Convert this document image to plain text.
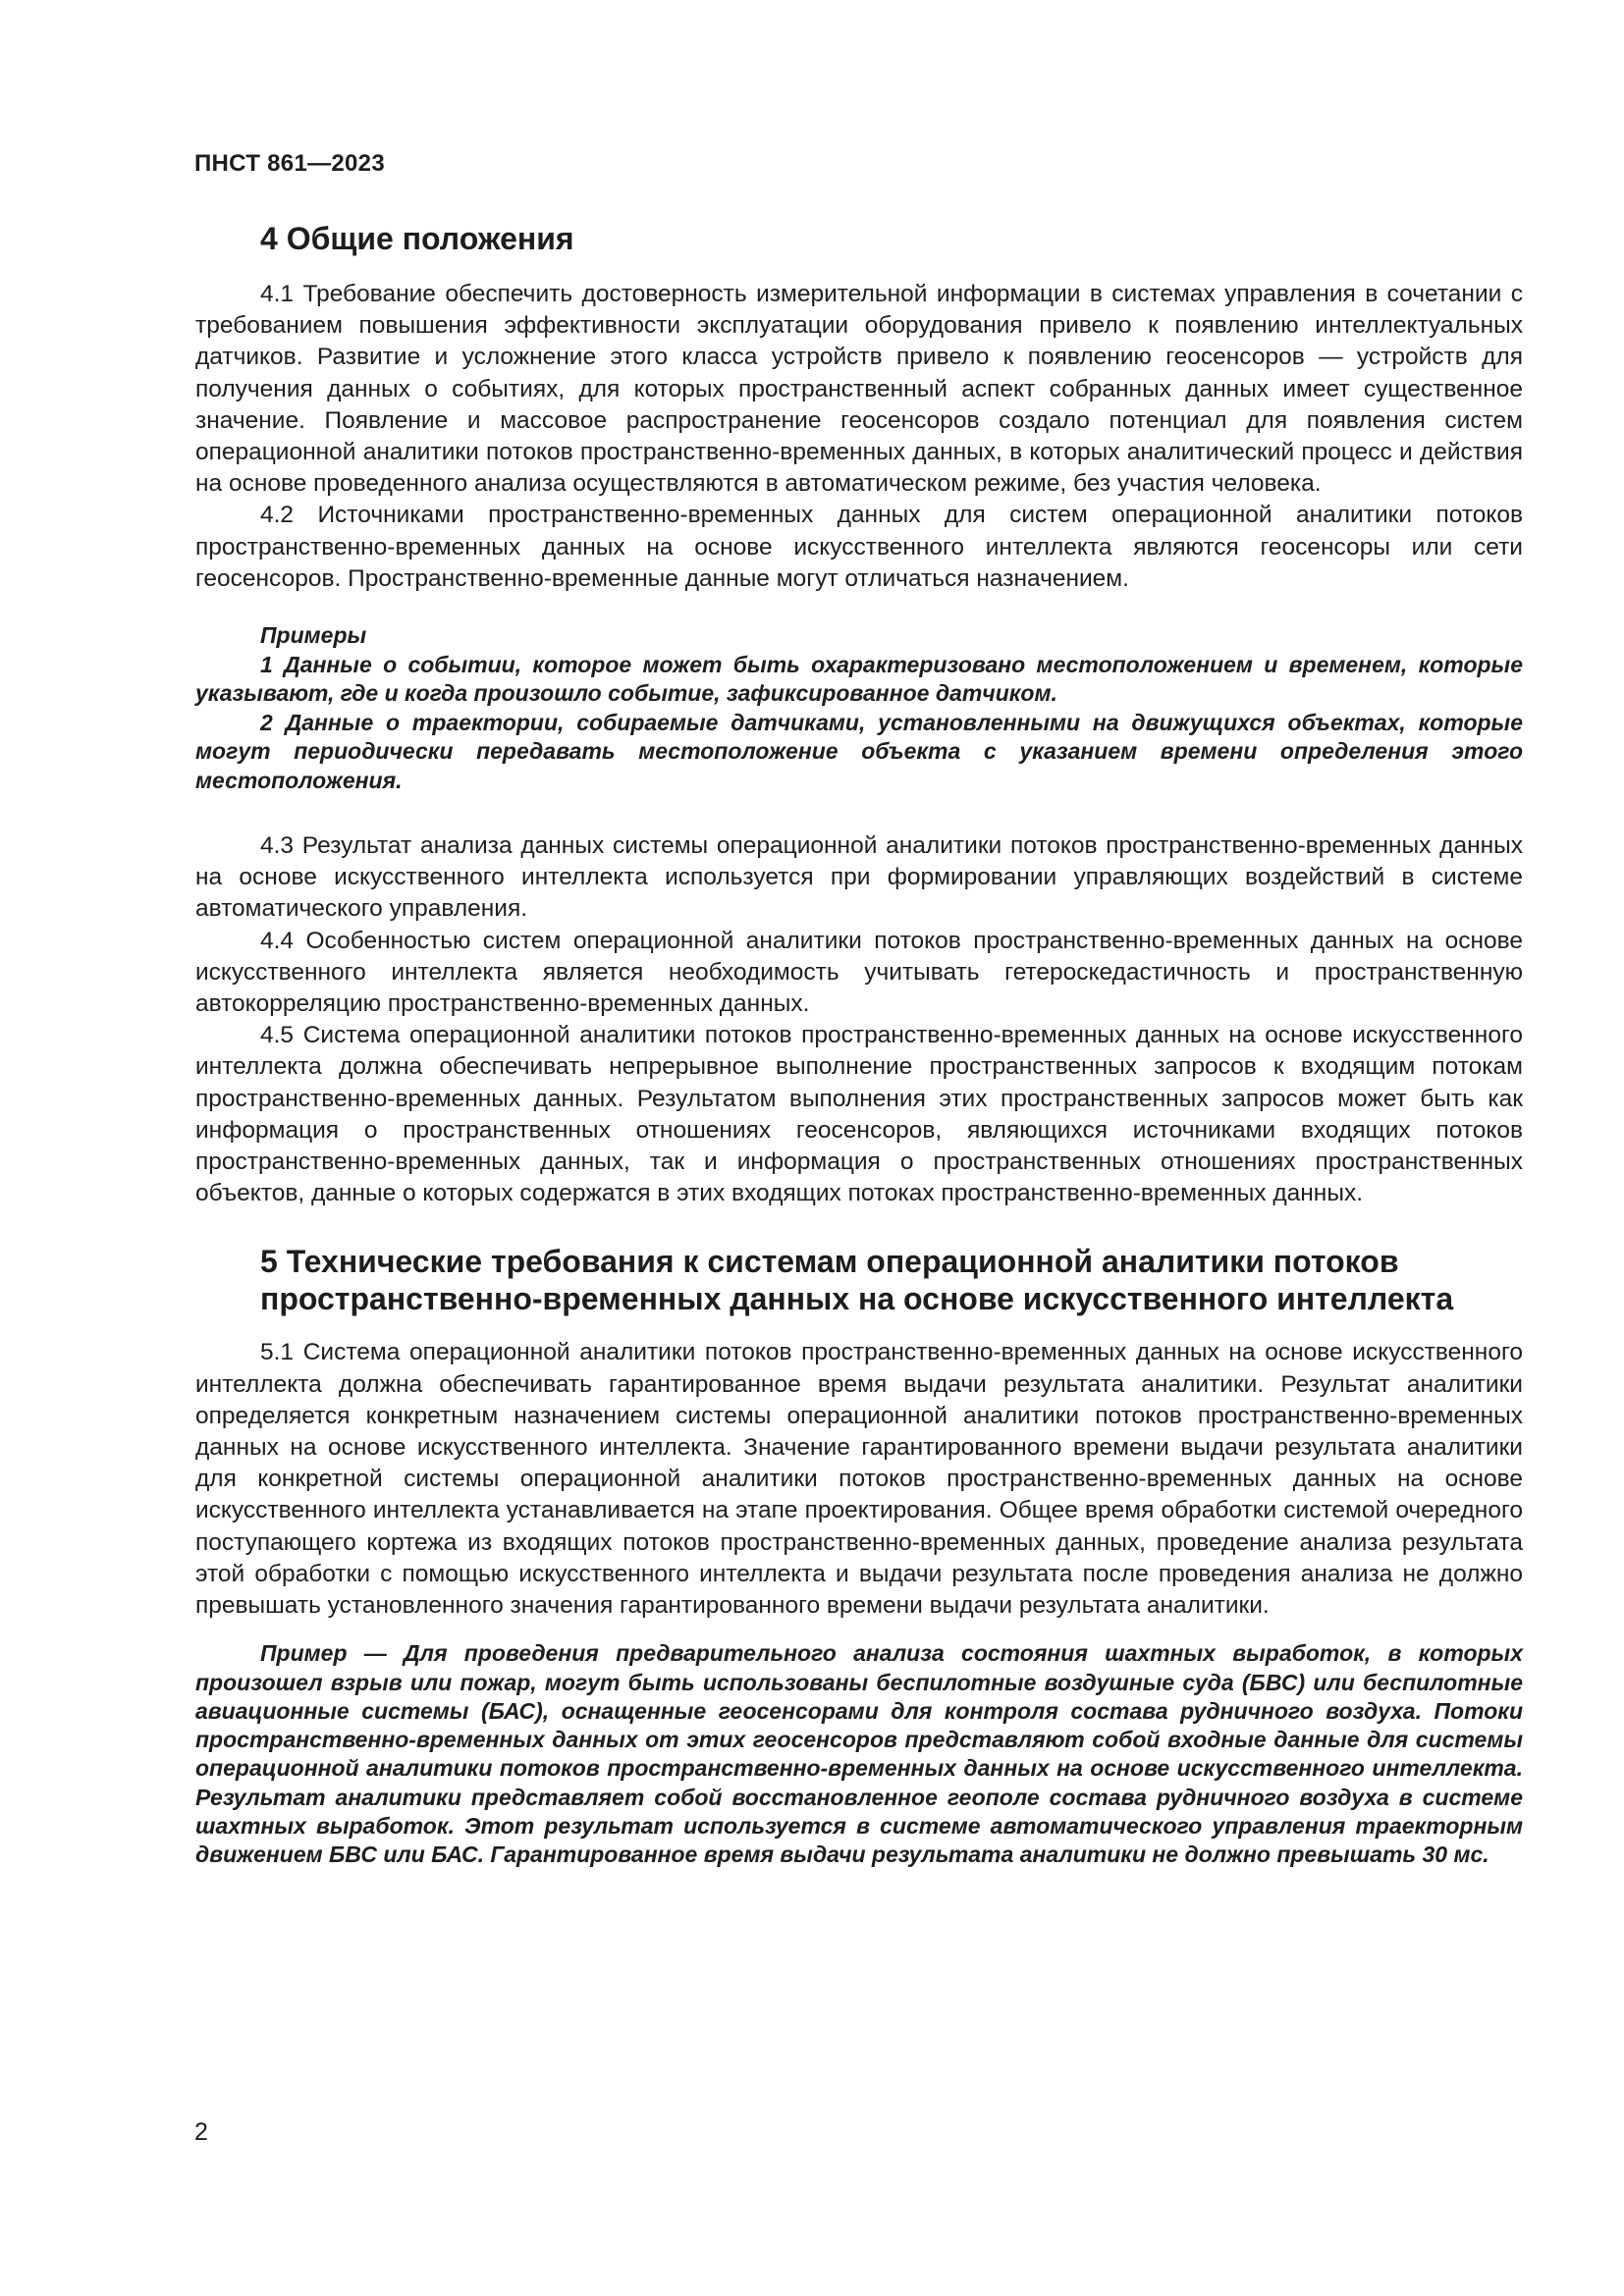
ПНСТ 861—2023
4 Общие положения

4.1 Требование обеспечить достоверность измерительной информации в системах управления в сочетании с требованием повышения эффективности эксплуатации оборудования привело к появлению интеллектуальных датчиков. Развитие и усложнение этого класса устройств привело к появлению геосенсоров — устройств для получения данных о событиях, для которых пространственный аспект собранных данных имеет существенное значение. Появление и массовое распространение геосенсоров создало потенциал для появления систем операционной аналитики потоков пространственно-временных данных, в которых аналитический процесс и действия на основе проведенного анализа осуществляются в автоматическом режиме, без участия человека.

4.2 Источниками пространственно-временных данных для систем операционной аналитики потоков пространственно-временных данных на основе искусственного интеллекта являются геосенсоры или сети геосенсоров. Пространственно-временные данные могут отличаться назначением.

Примеры

1 Данные о событии, которое может быть охарактеризовано местоположением и временем, которые указывают, где и когда произошло событие, зафиксированное датчиком.

2 Данные о траектории, собираемые датчиками, установленными на движущихся объектах, которые могут периодически передавать местоположение объекта с указанием времени определения этого местоположения.

4.3 Результат анализа данных системы операционной аналитики потоков пространственно-временных данных на основе искусственного интеллекта используется при формировании управляющих воздействий в системе автоматического управления.

4.4 Особенностью систем операционной аналитики потоков пространственно-временных данных на основе искусственного интеллекта является необходимость учитывать гетероскедастичность и пространственную автокорреляцию пространственно-временных данных.

4.5 Система операционной аналитики потоков пространственно-временных данных на основе искусственного интеллекта должна обеспечивать непрерывное выполнение пространственных запросов к входящим потокам пространственно-временных данных. Результатом выполнения этих пространственных запросов может быть как информация о пространственных отношениях геосенсоров, являющихся источниками входящих потоков пространственно-временных данных, так и информация о пространственных отношениях пространственных объектов, данные о которых содержатся в этих входящих потоках пространственно-временных данных.

5 Технические требования к системам операционной аналитики потоков пространственно-временных данных на основе искусственного интеллекта

5.1 Система операционной аналитики потоков пространственно-временных данных на основе искусственного интеллекта должна обеспечивать гарантированное время выдачи результата аналитики. Результат аналитики определяется конкретным назначением системы операционной аналитики потоков пространственно-временных данных на основе искусственного интеллекта. Значение гарантированного времени выдачи результата аналитики для конкретной системы операционной аналитики потоков пространственно-временных данных на основе искусственного интеллекта устанавливается на этапе проектирования. Общее время обработки системой очередного поступающего кортежа из входящих потоков пространственно-временных данных, проведение анализа результата этой обработки с помощью искусственного интеллекта и выдачи результата после проведения анализа не должно превышать установленного значения гарантированного времени выдачи результата аналитики.

Пример — Для проведения предварительного анализа состояния шахтных выработок, в которых произошел взрыв или пожар, могут быть использованы беспилотные воздушные суда (БВС) или беспилотные авиационные системы (БАС), оснащенные геосенсорами для контроля состава рудничного воздуха. Потоки пространственно-временных данных от этих геосенсоров представляют собой входные данные для системы операционной аналитики потоков пространственно-временных данных на основе искусственного интеллекта. Результат аналитики представляет собой восстановленное геополе состава рудничного воздуха в системе шахтных выработок. Этот результат используется в системе автоматического управления траекторным движением БВС или БАС. Гарантированное время выдачи результата аналитики не должно превышать 30 мс.

2
